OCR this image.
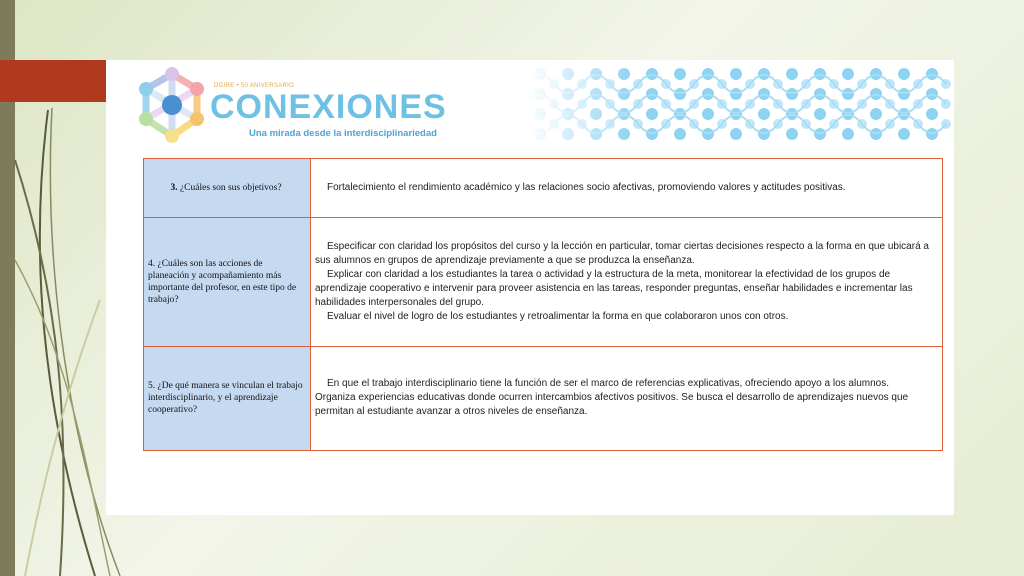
DGIRE • 50 ANIVERSARIO
CONEXIONES
Una mirada desde la interdisciplinariedad
3. ¿Cuáles son sus objetivos?	Fortalecimiento el rendimiento académico y las relaciones socio afectivas, promoviendo valores y actitudes positivas.

4. ¿Cuáles son las acciones de planeación y acompañamiento más importante del profesor, en este tipo de trabajo?	Especificar con claridad los propósitos del curso y la lección en particular, tomar ciertas decisiones respecto a la forma en que ubicará a sus alumnos en grupos de aprendizaje previamente a que se produzca la enseñanza.

Explicar con claridad a los estudiantes la tarea o actividad y la estructura de la meta, monitorear la efectividad de los grupos de aprendizaje cooperativo e intervenir para proveer asistencia en las tareas, responder preguntas, enseñar habilidades e incrementar las habilidades interpersonales del grupo.

Evaluar el nivel de logro de los estudiantes y retroalimentar la forma en que colaboraron unos con otros.

5. ¿De qué manera se vinculan el trabajo interdisciplinario, y el aprendizaje cooperativo?	En que el trabajo interdisciplinario tiene la función de ser el marco de referencias explicativas, ofreciendo apoyo a los alumnos. Organiza experiencias educativas donde ocurren intercambios afectivos positivos. Se busca el desarrollo de aprendizajes nuevos que permitan al estudiante avanzar a otros niveles de enseñanza.
